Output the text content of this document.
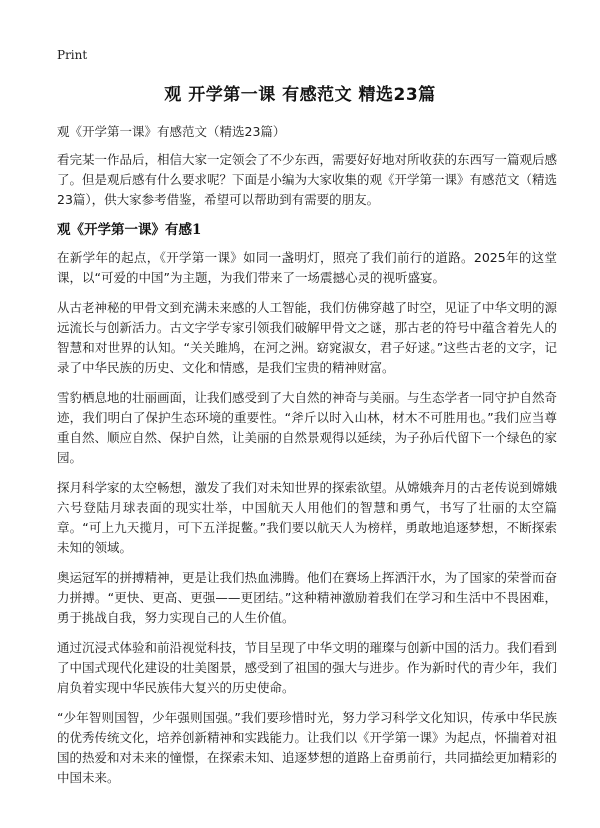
Print
观 开学第一课 有感范文 精选23篇
观《开学第一课》有感范文（精选23篇）

看完某一作品后，相信大家一定领会了不少东西，需要好好地对所收获的东西写一篇观后感了。但是观后感有什么要求呢？下面是小编为大家收集的观《开学第一课》有感范文（精选23篇），供大家参考借鉴，希望可以帮助到有需要的朋友。

观《开学第一课》有感1

在新学年的起点，《开学第一课》如同一盏明灯，照亮了我们前行的道路。2025年的这堂课，以“可爱的中国”为主题，为我们带来了一场震撼心灵的视听盛宴。

从古老神秘的甲骨文到充满未来感的人工智能，我们仿佛穿越了时空，见证了中华文明的源远流长与创新活力。古文字学专家引领我们破解甲骨文之谜，那古老的符号中蕴含着先人的智慧和对世界的认知。“关关雎鸠，在河之洲。窈窕淑女，君子好逑。”这些古老的文字，记录了中华民族的历史、文化和情感，是我们宝贵的精神财富。

雪豹栖息地的壮丽画面，让我们感受到了大自然的神奇与美丽。与生态学者一同守护自然奇迹，我们明白了保护生态环境的重要性。“斧斤以时入山林，材木不可胜用也。”我们应当尊重自然、顺应自然、保护自然，让美丽的自然景观得以延续，为子孙后代留下一个绿色的家园。

探月科学家的太空畅想，激发了我们对未知世界的探索欲望。从嫦娥奔月的古老传说到嫦娥六号登陆月球表面的现实壮举，中国航天人用他们的智慧和勇气，书写了壮丽的太空篇章。“可上九天揽月，可下五洋捉鳖。”我们要以航天人为榜样，勇敢地追逐梦想，不断探索未知的领域。

奥运冠军的拼搏精神，更是让我们热血沸腾。他们在赛场上挥洒汗水，为了国家的荣誉而奋力拼搏。“更快、更高、更强——更团结。”这种精神激励着我们在学习和生活中不畏困难，勇于挑战自我，努力实现自己的人生价值。

通过沉浸式体验和前沿视觉科技，节目呈现了中华文明的璀璨与创新中国的活力。我们看到了中国式现代化建设的壮美图景，感受到了祖国的强大与进步。作为新时代的青少年，我们肩负着实现中华民族伟大复兴的历史使命。

“少年智则国智，少年强则国强。”我们要珍惜时光，努力学习科学文化知识，传承中华民族的优秀传统文化，培养创新精神和实践能力。让我们以《开学第一课》为起点，怀揣着对祖国的热爱和对未来的憧憬，在探索未知、追逐梦想的道路上奋勇前行，共同描绘更加精彩的中国未来。
